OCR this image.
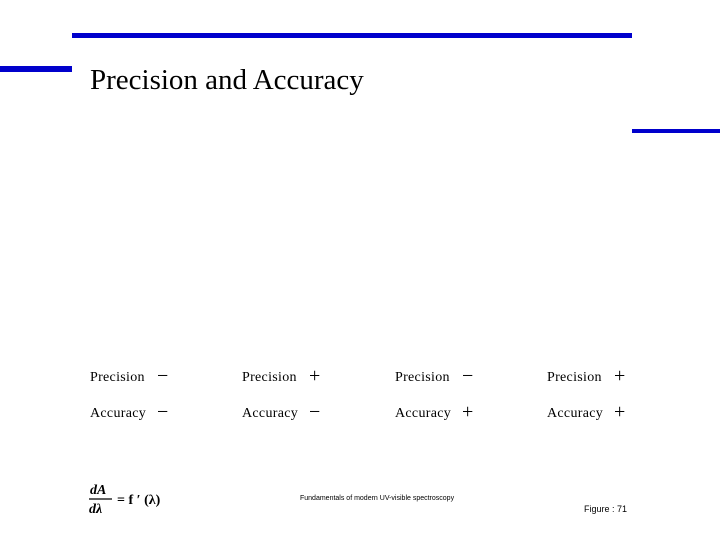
Precision and Accuracy
Precision −
Accuracy −
Precision +
Accuracy −
Precision −
Accuracy +
Precision +
Accuracy +
dA
dλ
= f ′ (λ)	Fundamentals of modern UV-visible spectroscopy
Figure : 71
